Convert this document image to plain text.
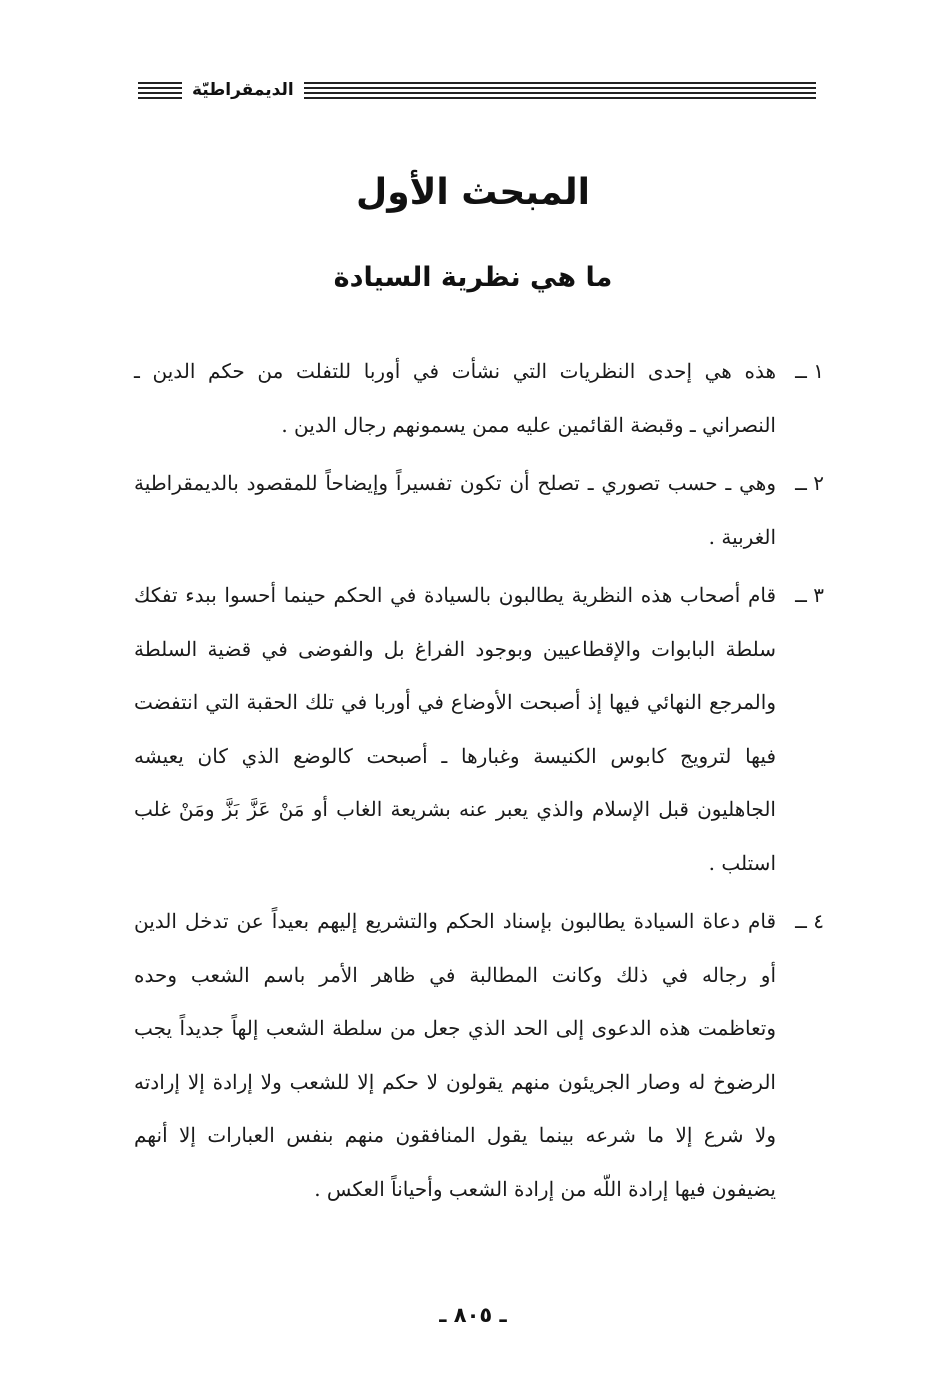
الديمقراطيّة
المبحث الأول
ما هي نظرية السيادة
١ ــ
هذه هي إحدى النظريات التي نشأت في أوربا للتفلت من حكم الدين ـ النصراني ـ وقبضة القائمين عليه ممن يسمونهم رجال الدين .
٢ ــ
وهي ـ حسب تصوري ـ تصلح أن تكون تفسيراً وإيضاحاً للمقصود بالديمقراطية الغربية .
٣ ــ
قام أصحاب هذه النظرية يطالبون بالسيادة في الحكم حينما أحسوا ببدء تفكك سلطة البابوات والإقطاعيين وبوجود الفراغ بل والفوضى في قضية السلطة والمرجع النهائي فيها إذ أصبحت الأوضاع في أوربا في تلك الحقبة التي انتفضت فيها لترويج كابوس الكنيسة وغبارها ـ أصبحت كالوضع الذي كان يعيشه الجاهليون قبل الإسلام والذي يعبر عنه بشريعة الغاب أو مَنْ عَزَّ بَزَّ ومَنْ غلب استلب .
٤ ــ
قام دعاة السيادة يطالبون بإسناد الحكم والتشريع إليهم بعيداً عن تدخل الدين أو رجاله في ذلك وكانت المطالبة في ظاهر الأمر باسم الشعب وحده وتعاظمت هذه الدعوى إلى الحد الذي جعل من سلطة الشعب إلهاً جديداً يجب الرضوخ له وصار الجريئون منهم يقولون لا حكم إلا للشعب ولا إرادة إلا إرادته ولا شرع إلا ما شرعه بينما يقول المنافقون منهم بنفس العبارات إلا أنهم يضيفون فيها إرادة اللّه من إرادة الشعب وأحياناً العكس .
ـ ٨٠٥ ـ
